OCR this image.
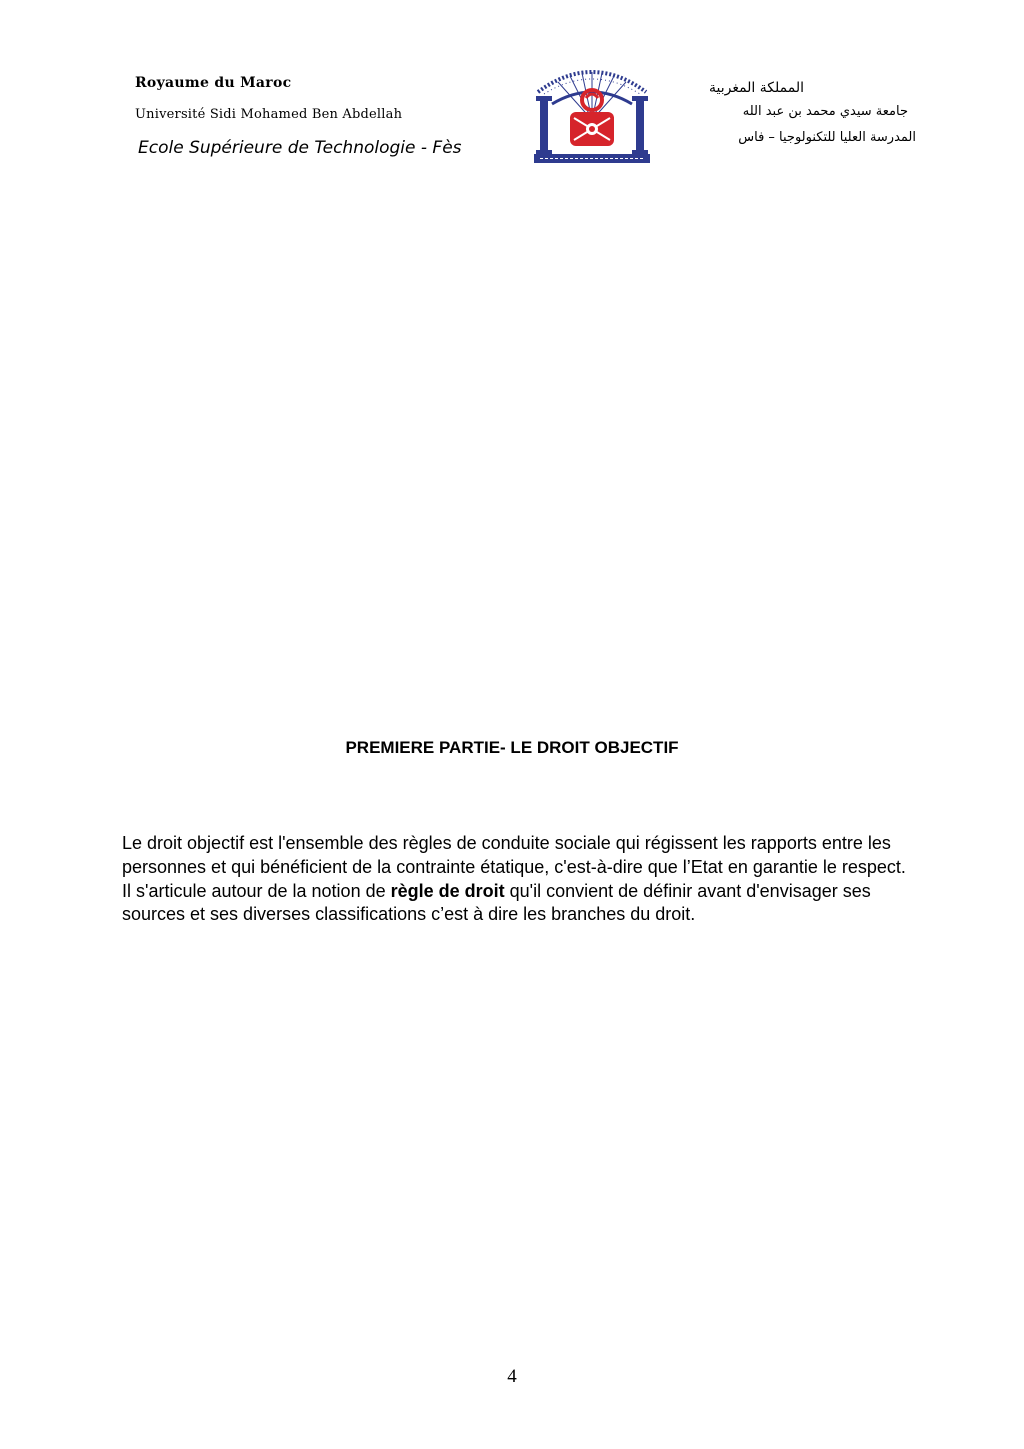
Royaume du Maroc
Université Sidi Mohamed Ben Abdellah
Ecole Supérieure de Technologie - Fès
المملكة المغربية
جامعة سيدي محمد بن عبد الله
المدرسة العليا للتكنولوجيا – فاس
PREMIERE PARTIE- LE DROIT OBJECTIF

Le droit objectif est l'ensemble des règles de conduite sociale qui régissent les rapports entre les personnes et qui bénéficient de la contrainte étatique, c'est-à-dire que l’Etat en garantie le respect.

Il s'articule autour de la notion de règle de droit qu'il convient de définir avant d'envisager ses sources et ses diverses classifications c’est à dire les branches du droit.

4
